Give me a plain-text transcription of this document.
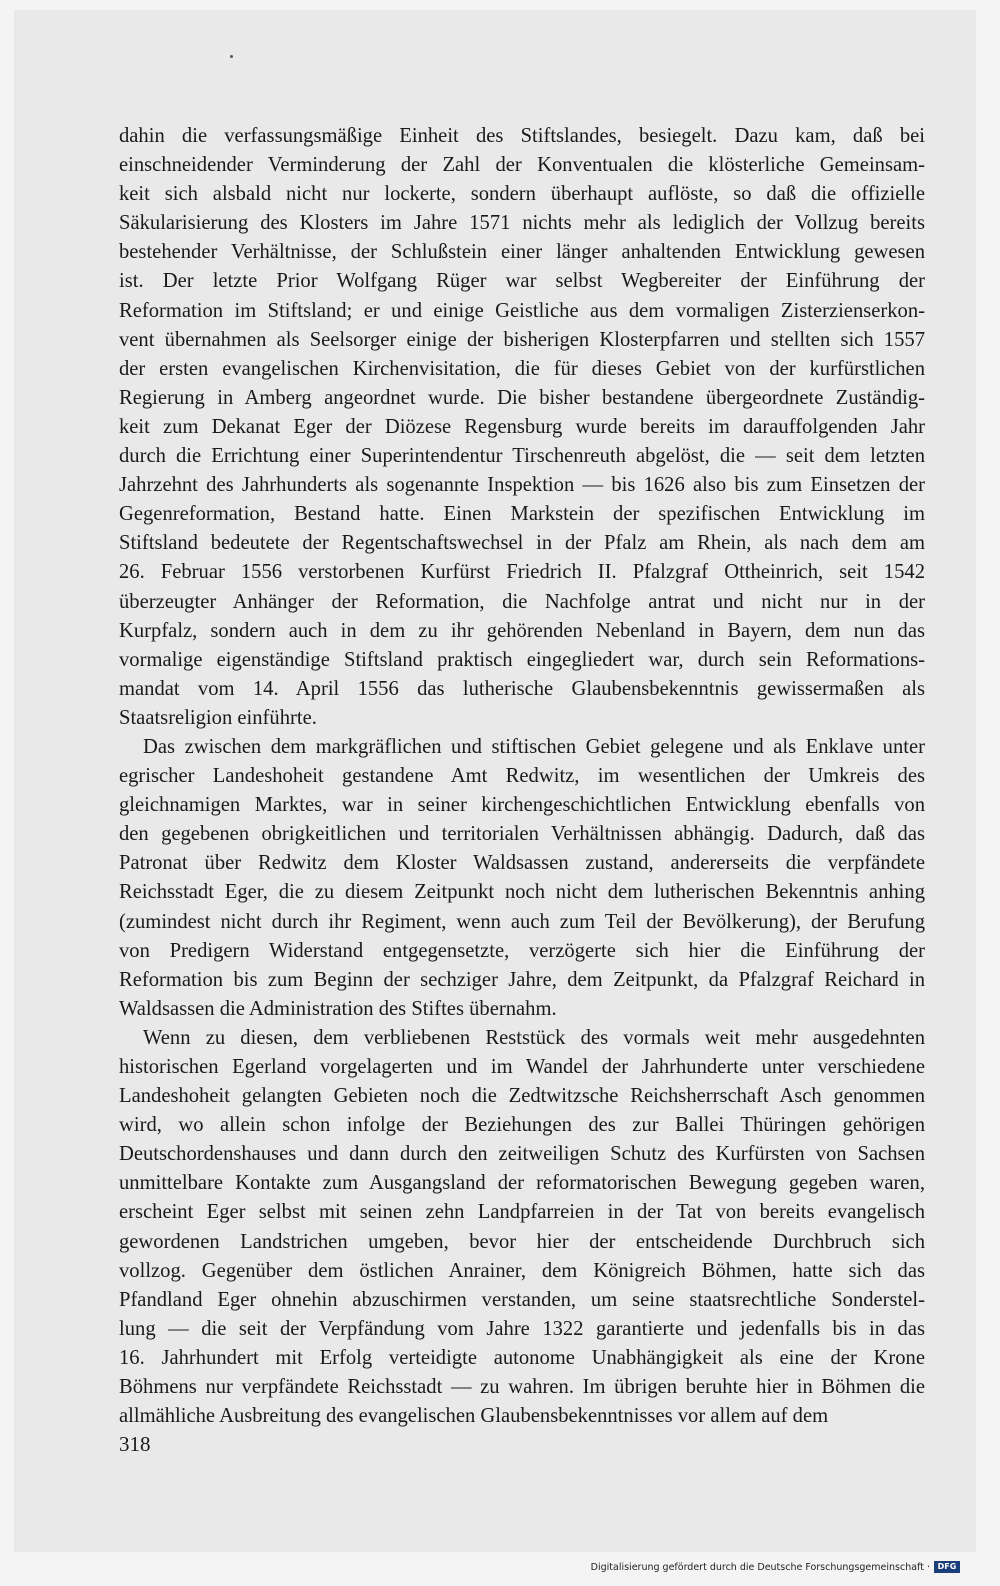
dahin die verfassungsmäßige Einheit des Stiftslandes, besiegelt. Dazu kam, daß bei
einschneidender Verminderung der Zahl der Konventualen die klösterliche Gemeinsam-
keit sich alsbald nicht nur lockerte, sondern überhaupt auflöste, so daß die offizielle
Säkularisierung des Klosters im Jahre 1571 nichts mehr als lediglich der Vollzug bereits
bestehender Verhältnisse, der Schlußstein einer länger anhaltenden Entwicklung gewesen
ist. Der letzte Prior Wolfgang Rüger war selbst Wegbereiter der Einführung der
Reformation im Stiftsland; er und einige Geistliche aus dem vormaligen Zisterzienserkon-
vent übernahmen als Seelsorger einige der bisherigen Klosterpfarren und stellten sich 1557
der ersten evangelischen Kirchenvisitation, die für dieses Gebiet von der kurfürstlichen
Regierung in Amberg angeordnet wurde. Die bisher bestandene übergeordnete Zuständig-
keit zum Dekanat Eger der Diözese Regensburg wurde bereits im darauffolgenden Jahr
durch die Errichtung einer Superintendentur Tirschenreuth abgelöst, die — seit dem letzten
Jahrzehnt des Jahrhunderts als sogenannte Inspektion — bis 1626 also bis zum Einsetzen der
Gegenreformation, Bestand hatte. Einen Markstein der spezifischen Entwicklung im
Stiftsland bedeutete der Regentschaftswechsel in der Pfalz am Rhein, als nach dem am
26. Februar 1556 verstorbenen Kurfürst Friedrich II. Pfalzgraf Ottheinrich, seit 1542
überzeugter Anhänger der Reformation, die Nachfolge antrat und nicht nur in der
Kurpfalz, sondern auch in dem zu ihr gehörenden Nebenland in Bayern, dem nun das
vormalige eigenständige Stiftsland praktisch eingegliedert war, durch sein Reformations-
mandat vom 14. April 1556 das lutherische Glaubensbekenntnis gewissermaßen als
Staatsreligion einführte.
Das zwischen dem markgräflichen und stiftischen Gebiet gelegene und als Enklave unter
egrischer Landeshoheit gestandene Amt Redwitz, im wesentlichen der Umkreis des
gleichnamigen Marktes, war in seiner kirchengeschichtlichen Entwicklung ebenfalls von
den gegebenen obrigkeitlichen und territorialen Verhältnissen abhängig. Dadurch, daß das
Patronat über Redwitz dem Kloster Waldsassen zustand, andererseits die verpfändete
Reichsstadt Eger, die zu diesem Zeitpunkt noch nicht dem lutherischen Bekenntnis anhing
(zumindest nicht durch ihr Regiment, wenn auch zum Teil der Bevölkerung), der Berufung
von Predigern Widerstand entgegensetzte, verzögerte sich hier die Einführung der
Reformation bis zum Beginn der sechziger Jahre, dem Zeitpunkt, da Pfalzgraf Reichard in
Waldsassen die Administration des Stiftes übernahm.
Wenn zu diesen, dem verbliebenen Reststück des vormals weit mehr ausgedehnten
historischen Egerland vorgelagerten und im Wandel der Jahrhunderte unter verschiedene
Landeshoheit gelangten Gebieten noch die Zedtwitzsche Reichsherrschaft Asch genommen
wird, wo allein schon infolge der Beziehungen des zur Ballei Thüringen gehörigen
Deutschordenshauses und dann durch den zeitweiligen Schutz des Kurfürsten von Sachsen
unmittelbare Kontakte zum Ausgangsland der reformatorischen Bewegung gegeben waren,
erscheint Eger selbst mit seinen zehn Landpfarreien in der Tat von bereits evangelisch
gewordenen Landstrichen umgeben, bevor hier der entscheidende Durchbruch sich
vollzog. Gegenüber dem östlichen Anrainer, dem Königreich Böhmen, hatte sich das
Pfandland Eger ohnehin abzuschirmen verstanden, um seine staatsrechtliche Sonderstel-
lung — die seit der Verpfändung vom Jahre 1322 garantierte und jedenfalls bis in das
16. Jahrhundert mit Erfolg verteidigte autonome Unabhängigkeit als eine der Krone
Böhmens nur verpfändete Reichsstadt — zu wahren. Im übrigen beruhte hier in Böhmen die
allmähliche Ausbreitung des evangelischen Glaubensbekenntnisses vor allem auf dem
318
Digitalisierung gefördert durch die Deutsche Forschungsgemeinschaft · DFG
